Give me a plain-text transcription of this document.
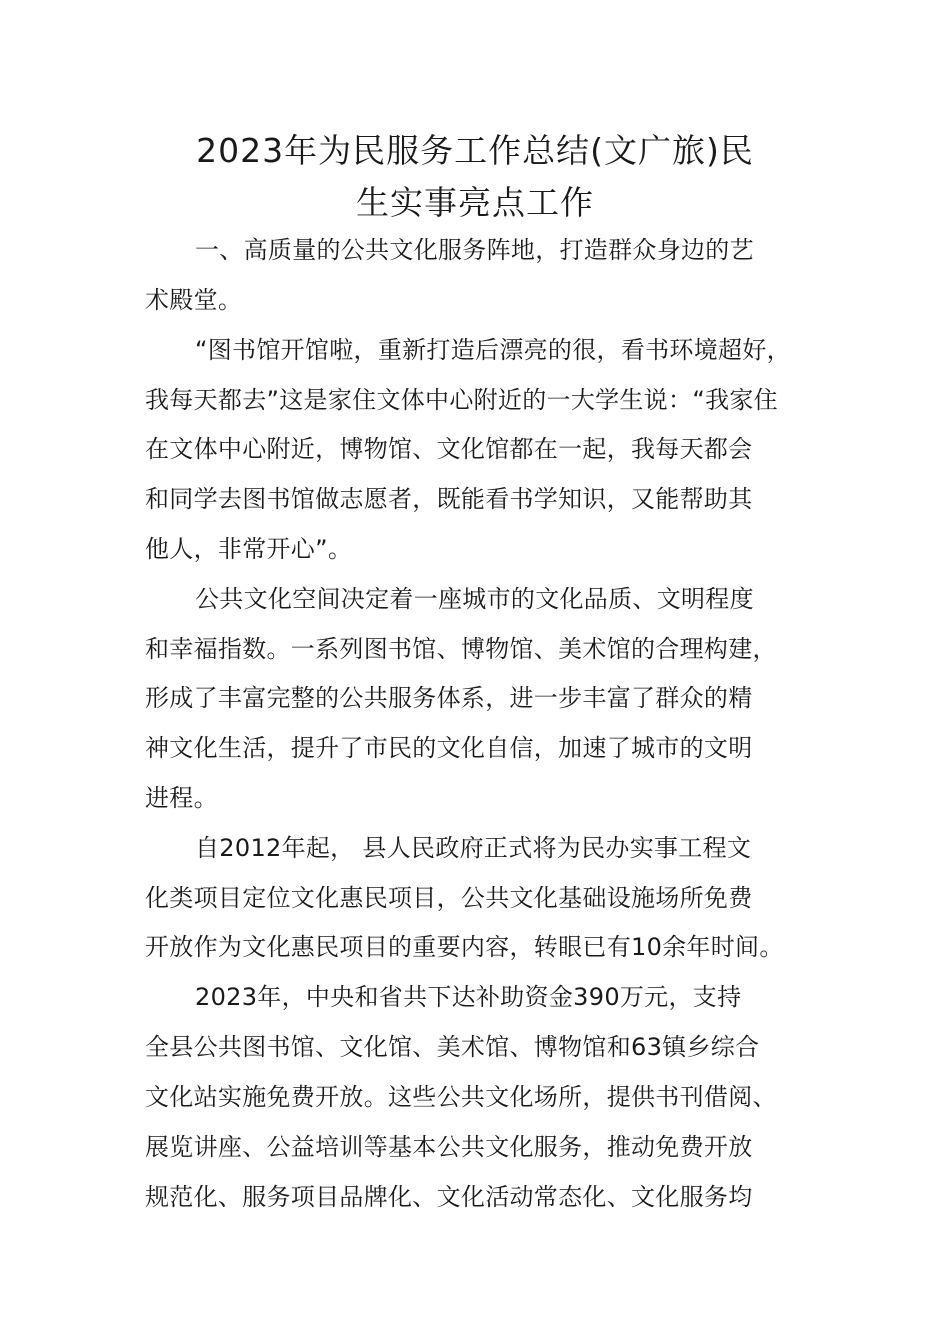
2023年为民服务工作总结(文广旅)民
生实事亮点工作
一、高质量的公共文化服务阵地，打造群众身边的艺
术殿堂。
“图书馆开馆啦，重新打造后漂亮的很，看书环境超好，
我每天都去”这是家住文体中心附近的一大学生说：“我家住
在文体中心附近，博物馆、文化馆都在一起，我每天都会
和同学去图书馆做志愿者，既能看书学知识，又能帮助其
他人，非常开心”。
公共文化空间决定着一座城市的文化品质、文明程度
和幸福指数。一系列图书馆、博物馆、美术馆的合理构建，
形成了丰富完整的公共服务体系，进一步丰富了群众的精
神文化生活，提升了市民的文化自信，加速了城市的文明
进程。
自2012年起， 县人民政府正式将为民办实事工程文
化类项目定位文化惠民项目，公共文化基础设施场所免费
开放作为文化惠民项目的重要内容，转眼已有10余年时间。
2023年，中央和省共下达补助资金390万元，支持
全县公共图书馆、文化馆、美术馆、博物馆和63镇乡综合
文化站实施免费开放。这些公共文化场所，提供书刊借阅、
展览讲座、公益培训等基本公共文化服务，推动免费开放
规范化、服务项目品牌化、文化活动常态化、文化服务均
